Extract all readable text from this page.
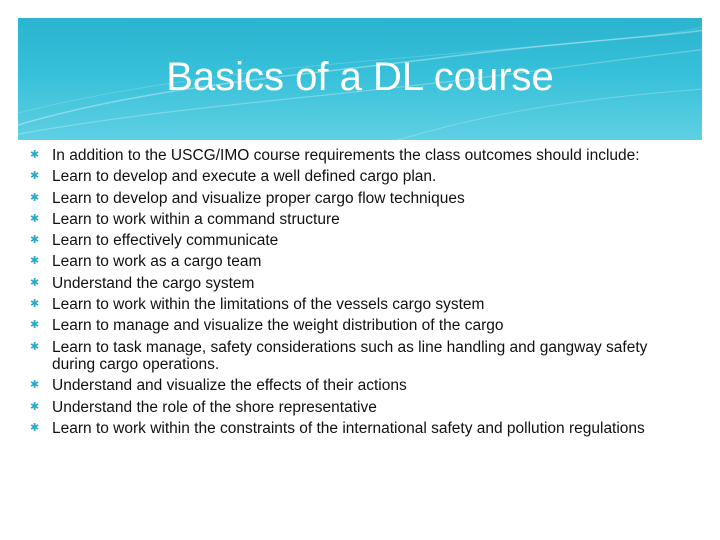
Basics of a DL course
✱ In addition to the USCG/IMO course requirements the class outcomes should include:
✱ Learn to develop and execute a well defined cargo plan.
✱ Learn to develop and visualize proper cargo flow techniques
✱ Learn to work within a command structure
✱ Learn to effectively communicate
✱ Learn to work as a cargo team
✱ Understand the cargo system
✱ Learn to work within the limitations of the vessels cargo system
✱ Learn to manage and visualize the weight distribution of the cargo
✱ Learn to task manage, safety considerations such as line handling and gangway safety during cargo operations.
✱ Understand and visualize the effects of their actions
✱ Understand the role of the shore representative
✱ Learn to work within the constraints of the international safety and pollution regulations
